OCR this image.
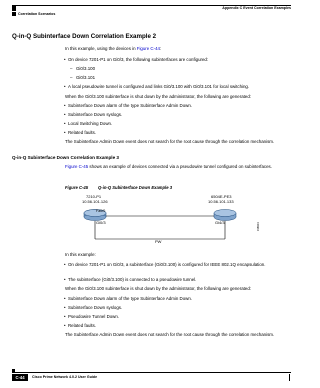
Appendix C Event Correlation Examples
Correlation Scenarios
Q-in-Q Subinterface Down Correlation Example 2
In this example, using the devices in Figure C-44:
• On device 7201-P1 on Gi0/3, the following subinterfaces are configured:
– Gi0/3.100
– Gi0/3.101
• A local pseudowire tunnel is configured and links Gi0/3.100 with Gi0/3.101 for local switching.
When the Gi0/3.100 subinterface is shut down by the administrator, the following are generated:
• Subinterface Down alarm of the type Subinterface Admin Down.
• Subinterface Down syslogs.
• Local Switching Down.
• Related faults.
The Subinterface Admin Down event does not search for the root cause through the correlation mechanism.
Q-in-Q Subinterface Down Correlation Example 3
Figure C-45 shows an example of devices connected via a pseudowire tunnel configured on subinterfaces.
Figure C-45 Q-in-Q Subinterface Down Example 3
7210-P1
10.56.101.126
6504E-PE3
10.56.101.133
Fa0/0
Gi0/3	Gi4/3
PW
198904
In this example:
• On device 7201-P1 on Gi0/3, a subinterface (Gi0/3.100) is configured for IEEE 802.1Q encapsulation.
• The subinterface (Gi0/3.100) is connected to a pseudowire tunnel.
When the Gi0/3.100 subinterface is shut down by the administrator, the following are generated:
• Subinterface Down alarm of the type Subinterface Admin Down.
• Subinterface Down syslogs.
• Pseudowire Tunnel Down.
• Related faults.
The Subinterface Admin Down event does not search for the root cause through the correlation mechanism.
C-44	Cisco Prime Network 4.0.2 User Guide
